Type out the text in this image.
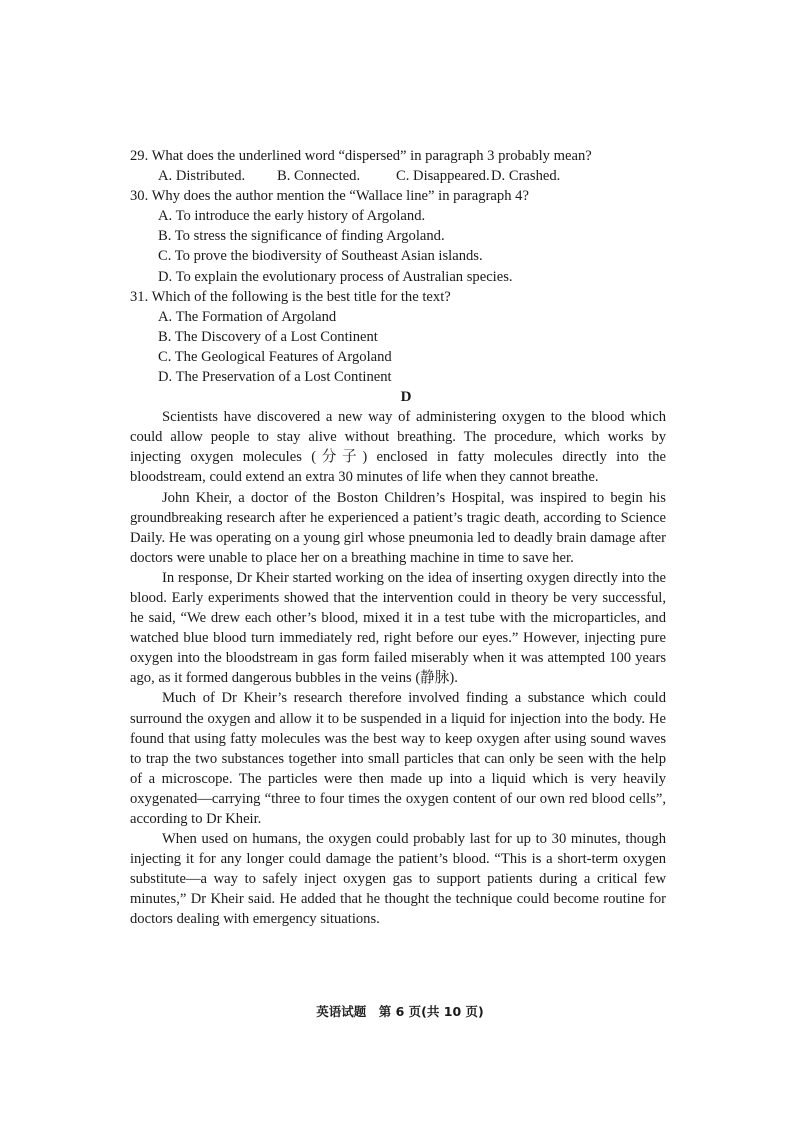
29. What does the underlined word “dispersed” in paragraph 3 probably mean?
A. Distributed. B. Connected. C. Disappeared.D. Crashed.
30. Why does the author mention the “Wallace line” in paragraph 4?
A. To introduce the early history of Argoland.
B. To stress the significance of finding Argoland.
C. To prove the biodiversity of Southeast Asian islands.
D. To explain the evolutionary process of Australian species.
31. Which of the following is the best title for the text?
A. The Formation of Argoland
B. The Discovery of a Lost Continent
C. The Geological Features of Argoland
D. The Preservation of a Lost Continent
D

Scientists have discovered a new way of administering oxygen to the blood which could allow people to stay alive without breathing. The procedure, which works by injecting oxygen molecules (分子) enclosed in fatty molecules directly into the bloodstream, could extend an extra 30 minutes of life when they cannot breathe.

John Kheir, a doctor of the Boston Children’s Hospital, was inspired to begin his groundbreaking research after he experienced a patient’s tragic death, according to Science Daily. He was operating on a young girl whose pneumonia led to deadly brain damage after doctors were unable to place her on a breathing machine in time to save her.

In response, Dr Kheir started working on the idea of inserting oxygen directly into the blood. Early experiments showed that the intervention could in theory be very successful, he said, “We drew each other’s blood, mixed it in a test tube with the microparticles, and watched blue blood turn immediately red, right before our eyes.” However, injecting pure oxygen into the bloodstream in gas form failed miserably when it was attempted 100 years ago, as it formed dangerous bubbles in the veins (静脉).

Much of Dr Kheir’s research therefore involved finding a substance which could surround the oxygen and allow it to be suspended in a liquid for injection into the body. He found that using fatty molecules was the best way to keep oxygen after using sound waves to trap the two substances together into small particles that can only be seen with the help of a microscope. The particles were then made up into a liquid which is very heavily oxygenated—carrying “three to four times the oxygen content of our own red blood cells”, according to Dr Kheir.

When used on humans, the oxygen could probably last for up to 30 minutes, though injecting it for any longer could damage the patient’s blood. “This is a short-term oxygen substitute—a way to safely inject oxygen gas to support patients during a critical few minutes,” Dr Kheir said. He added that he thought the technique could become routine for doctors dealing with emergency situations.

英语试题　第 6 页(共 10 页)
